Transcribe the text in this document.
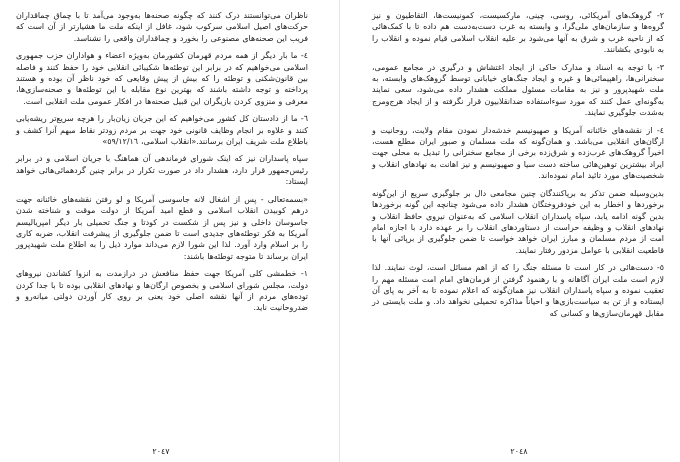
٢- گروهک‌های آمریکائی، روسی، چینی، مارکسیست، کمونیست‌ها، التقاطیون و نیز گروه‌ها و سازمان‌های ملی‌گرا، و وابسته به غرب دست‌به‌دست هم داده تا با کمک‌هائی که از ناحیه غرب و شرق به آنها می‌شود بر علیه انقلاب اسلامی قیام نموده و انقلاب را به نابودی بکشانند.

٣- با توجه به اسناد و مدارک حاکی از ایجاد اغتشاش و درگیری در مجامع عمومی، سخنرانی‌ها، راهپیمائی‌ها و غیره و ایجاد جنگ‌های خیابانی توسط گروهک‌های وابسته، به ملت شهیدپرور و نیز به مقامات مسئول مملکت هشدار داده می‌شود، سعی نمایند به‌گونه‌ای عمل کنند که مورد سوءاستفاده ضدانقلابیون قرار نگرفته و از ایجاد هرج‌ومرج به‌شدت جلوگیری نمایند.

٤- از نقشه‌های خائنانه آمریکا و صهیونیسم خدشه‌دار نمودن مقام ولایت، روحانیت و ارگان‌های انقلابی می‌باشد. و همان‌گونه که ملت مسلمان و صبور ایران مطلع هست، اخیراً گروهک‌های غرب‌زده و شرق‌زده برخی از مجامع سخنرانی را تبدیل به محلی جهت ایراد بیشترین توهین‌ها‌ئی ساخته دست سیا و صهیونیسم و نیز اهانت به نهادهای انقلاب و شخصیت‌های مورد تائید امام نموده‌اند.

بدین‌وسیله ضمن تذکر به برپاکنندگان چنین مجامعی دال بر جلوگیری سریع از این‌گونه برخوردها و اخطار به این خودفروختگان هشدار داده می‌شود چنانچه این گونه برخوردها بدین گونه ادامه یابد، سپاه پاسداران انقلاب اسلامی که به‌عنوان نیروی حافظ انقلاب و نهادهای انقلاب و وظیفه حراست از دستاوردهای انقلاب را بر عهده دارد با اجازه امام امت از مردم مسلمان و مبارز ایران خواهد خواست تا ضمن جلوگیری از برپائی آنها با قاطعیت انقلابی با عوامل مزدور رفتار نمایند.

٥- دست‌هائی در کار است تا مسئله جنگ را که از اهم مسائل است، لوث نمایند. لذا لازم است ملت ایران آگاهانه و با رهنمود گرفتن از فرمان‌های امام امت مسئله مهم را تعقیب نموده و سپاه پاسداران انقلاب نیز همان‌گونه که اعلام نموده تا به آخر به پای آن ایستاده و از تن به سیاست‌بازی‌ها و احیاناً مذاکره تحمیلی نخواهد داد. و ملت بایستی در مقابل قهرمان‌سازی‌ها و کسانی که

٢٠٤٨

ناظران می‌توانستند درک کنند که چگونه صحنه‌ها به‌وجود می‌آمد تا با چماق چماقداران حرکت‌های اصیل اسلامی سرکوب شود، غافل از اینکه ملت ما هشیارتر از آن است که فریب این صحنه‌های مصنوعی را بخورد و چماقداران واقعی را نشناسد.

٤- ما بار دیگر از همه مردم قهرمان کشورمان به‌ویژه اعضاء و هواداران حزب جمهوری اسلامی می‌خواهیم که در برابر این توطئه‌ها شکیبائی انقلابی خود را حفظ کنند و فاصله بین قانون‌شکنی و توطئه را که بیش از پیش وقایعی که خود ناظر آن بوده و هستند پرداخته و توجه داشته باشند که بهترین نوع مقابله با این توطئه‌ها و صحنه‌سازی‌ها، معرفی و منزوی کردن بازیگران این قبیل صحنه‌ها در افکار عمومی ملت انقلابی است.

٦- ما از دادستان کل کشور می‌خواهیم که این جریان زیان‌بار را هرچه سریع‌تر ریشه‌یابی کنند و علاوه بر انجام وظایف قانونی خود جهت بر مردم زودتر نقاط مبهم آنرا کشف و باطلاع ملت شریف ایران برسانند.«انقلاب اسلامی، ٥٩/١٢/١٦»

سپاه پاسداران نیز که اینک شورای فرماندهی آن هماهنگ با جریان اسلامی و در برابر رئیس‌جمهور قرار دارد، هشدار داد در صورت تکرار در برابر چنین گردهمائی‌هائی خواهد ایستاد:

«بسمه‌تعالی - پس از اشغال لانه جاسوسی آمریکا و لو رفتن نقشه‌های خائنانه جهت درهم کوبیدن انقلاب اسلامی و قطع امید آمریکا از دولت موقت و شناخته شدن جاسوسان داخلی و نیز پس از شکست در کودتا و جنگ تحمیلی بار دیگر امپریالیسم آمریکا به فکر توطئه‌های جدیدی است تا ضمن جلوگیری از پیشرفت انقلاب، ضربه کاری را بر اسلام وارد آورد. لذا این شورا لازم می‌داند موارد ذیل را به اطلاع ملت شهیدپرور ایران برساند تا متوجه توطئه‌ها باشند:

١- خطمشی کلی آمریکا جهت حفظ منافعش در درازمدت به انزوا کشاندن نیروهای دولت، مجلس شورای اسلامی و بخصوص ارگان‌ها و نهادهای انقلابی بوده تا با جدا کردن توده‌های مردم از آنها نقشه اصلی خود یعنی بر روی کار آوردن دولتی میانه‌رو و ضدروحانیت ناید.

٢٠٤٧
